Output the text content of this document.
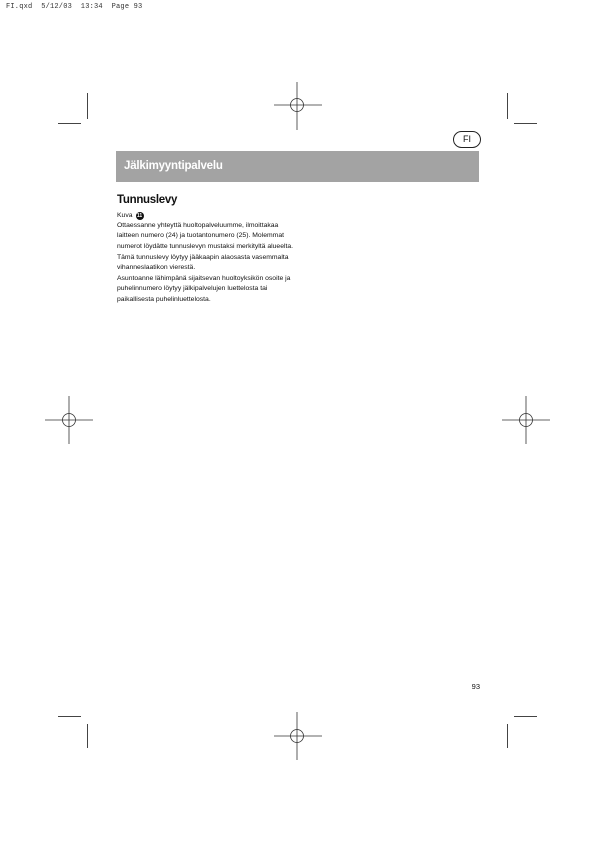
FI.qxd  5/12/03  13:34  Page 93
FI
Jälkimyyntipalvelu
Tunnuslevy
Kuva 11

Ottaessanne yhteyttä huoltopalveluumme, ilmoittakaa laitteen numero (24) ja tuotantonumero (25). Molemmat numerot löydätte tunnuslevyn mustaksi merkityltä alueelta.

Tämä tunnuslevy löytyy jääkaapin alaosasta vasemmalta vihanneslaatikon vierestä.

Asuntoanne lähimpänä sijaitsevan huoltoyksikön osoite ja puhelinnumero löytyy jälkipalvelujen luettelosta tai paikallisesta puhelinluettelosta.

93
